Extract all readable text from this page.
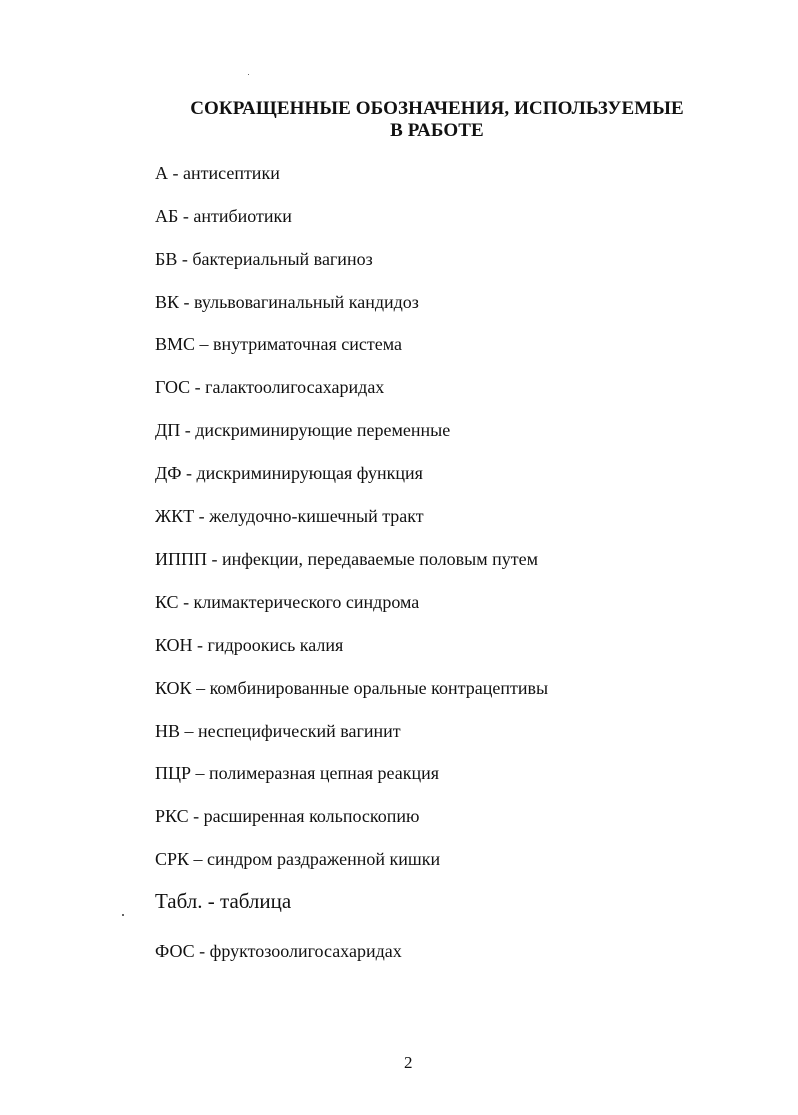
СОКРАЩЕННЫЕ ОБОЗНАЧЕНИЯ, ИСПОЛЬЗУЕМЫЕ
В РАБОТЕ
А - антисептики
АБ - антибиотики
БВ - бактериальный вагиноз
ВК - вульвовагинальный кандидоз
ВМС – внутриматочная система
ГОС - галактоолигосахаридах
ДП - дискриминирующие переменные
ДФ - дискриминирующая функция
ЖКТ - желудочно-кишечный тракт
ИППП - инфекции, передаваемые половым путем
КС - климактерического синдрома
КОН - гидроокись калия
КОК – комбинированные оральные контрацептивы
НВ – неспецифический вагинит
ПЦР – полимеразная цепная реакция
РКС - расширенная кольпоскопию
СРК – синдром раздраженной кишки
Табл. - таблица
ФОС - фруктозоолигосахаридах
2
